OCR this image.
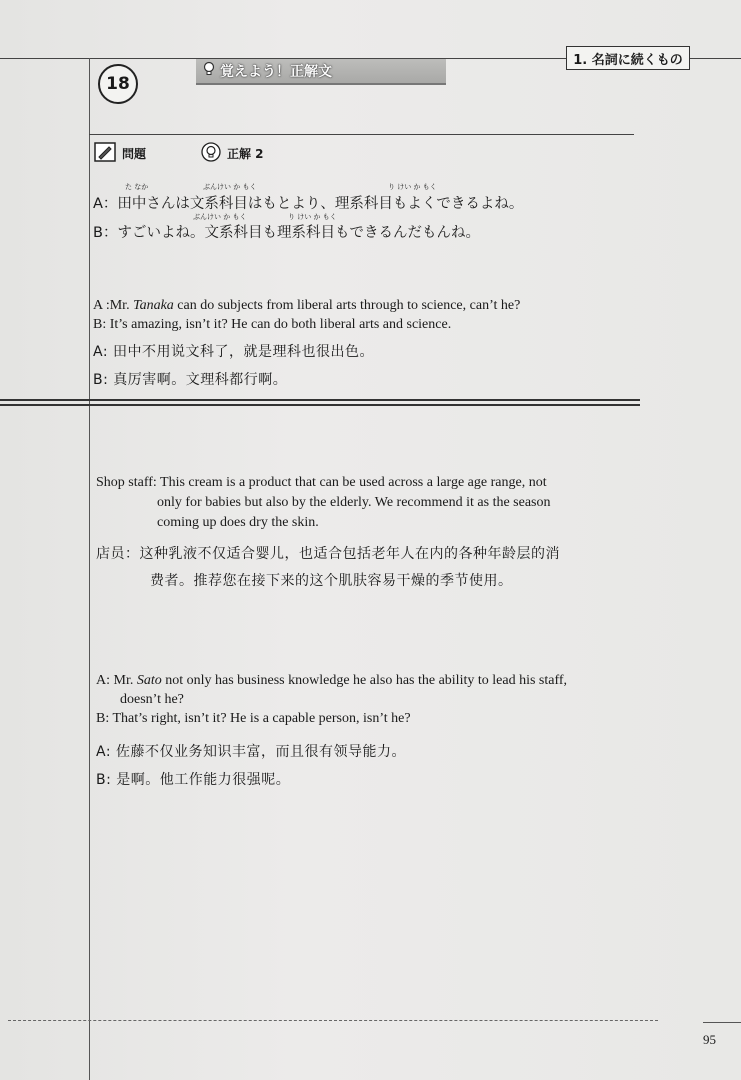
1. 名詞に続くもの
18
覚えよう！正解文
問題	正解 2
た なか	ぶんけい か もく	り けい か もく
A：田中さんは文系科目はもとより、理系科目もよくできるよね。
ぶんけい か もく	り けい か もく
B：すごいよね。文系科目も理系科目もできるんだもんね。
A :Mr. Tanaka can do subjects from liberal arts through to science, can’t he?
B: It’s amazing, isn’t it? He can do both liberal arts and science.
A: 田中不用说文科了，就是理科也很出色。
B: 真厉害啊。文理科都行啊。
Shop staff: This cream is a product that can be used across a large age range, not
only for babies but also by the elderly. We recommend it as the season
coming up does dry the skin.
店员：这种乳液不仅适合婴儿，也适合包括老年人在内的各种年龄层的消
费者。推荐您在接下来的这个肌肤容易干燥的季节使用。
A: Mr. Sato not only has business knowledge he also has the ability to lead his staff,
doesn’t he?
B: That’s right, isn’t it? He is a capable person, isn’t he?
A: 佐藤不仅业务知识丰富，而且很有领导能力。
B: 是啊。他工作能力很强呢。
95
